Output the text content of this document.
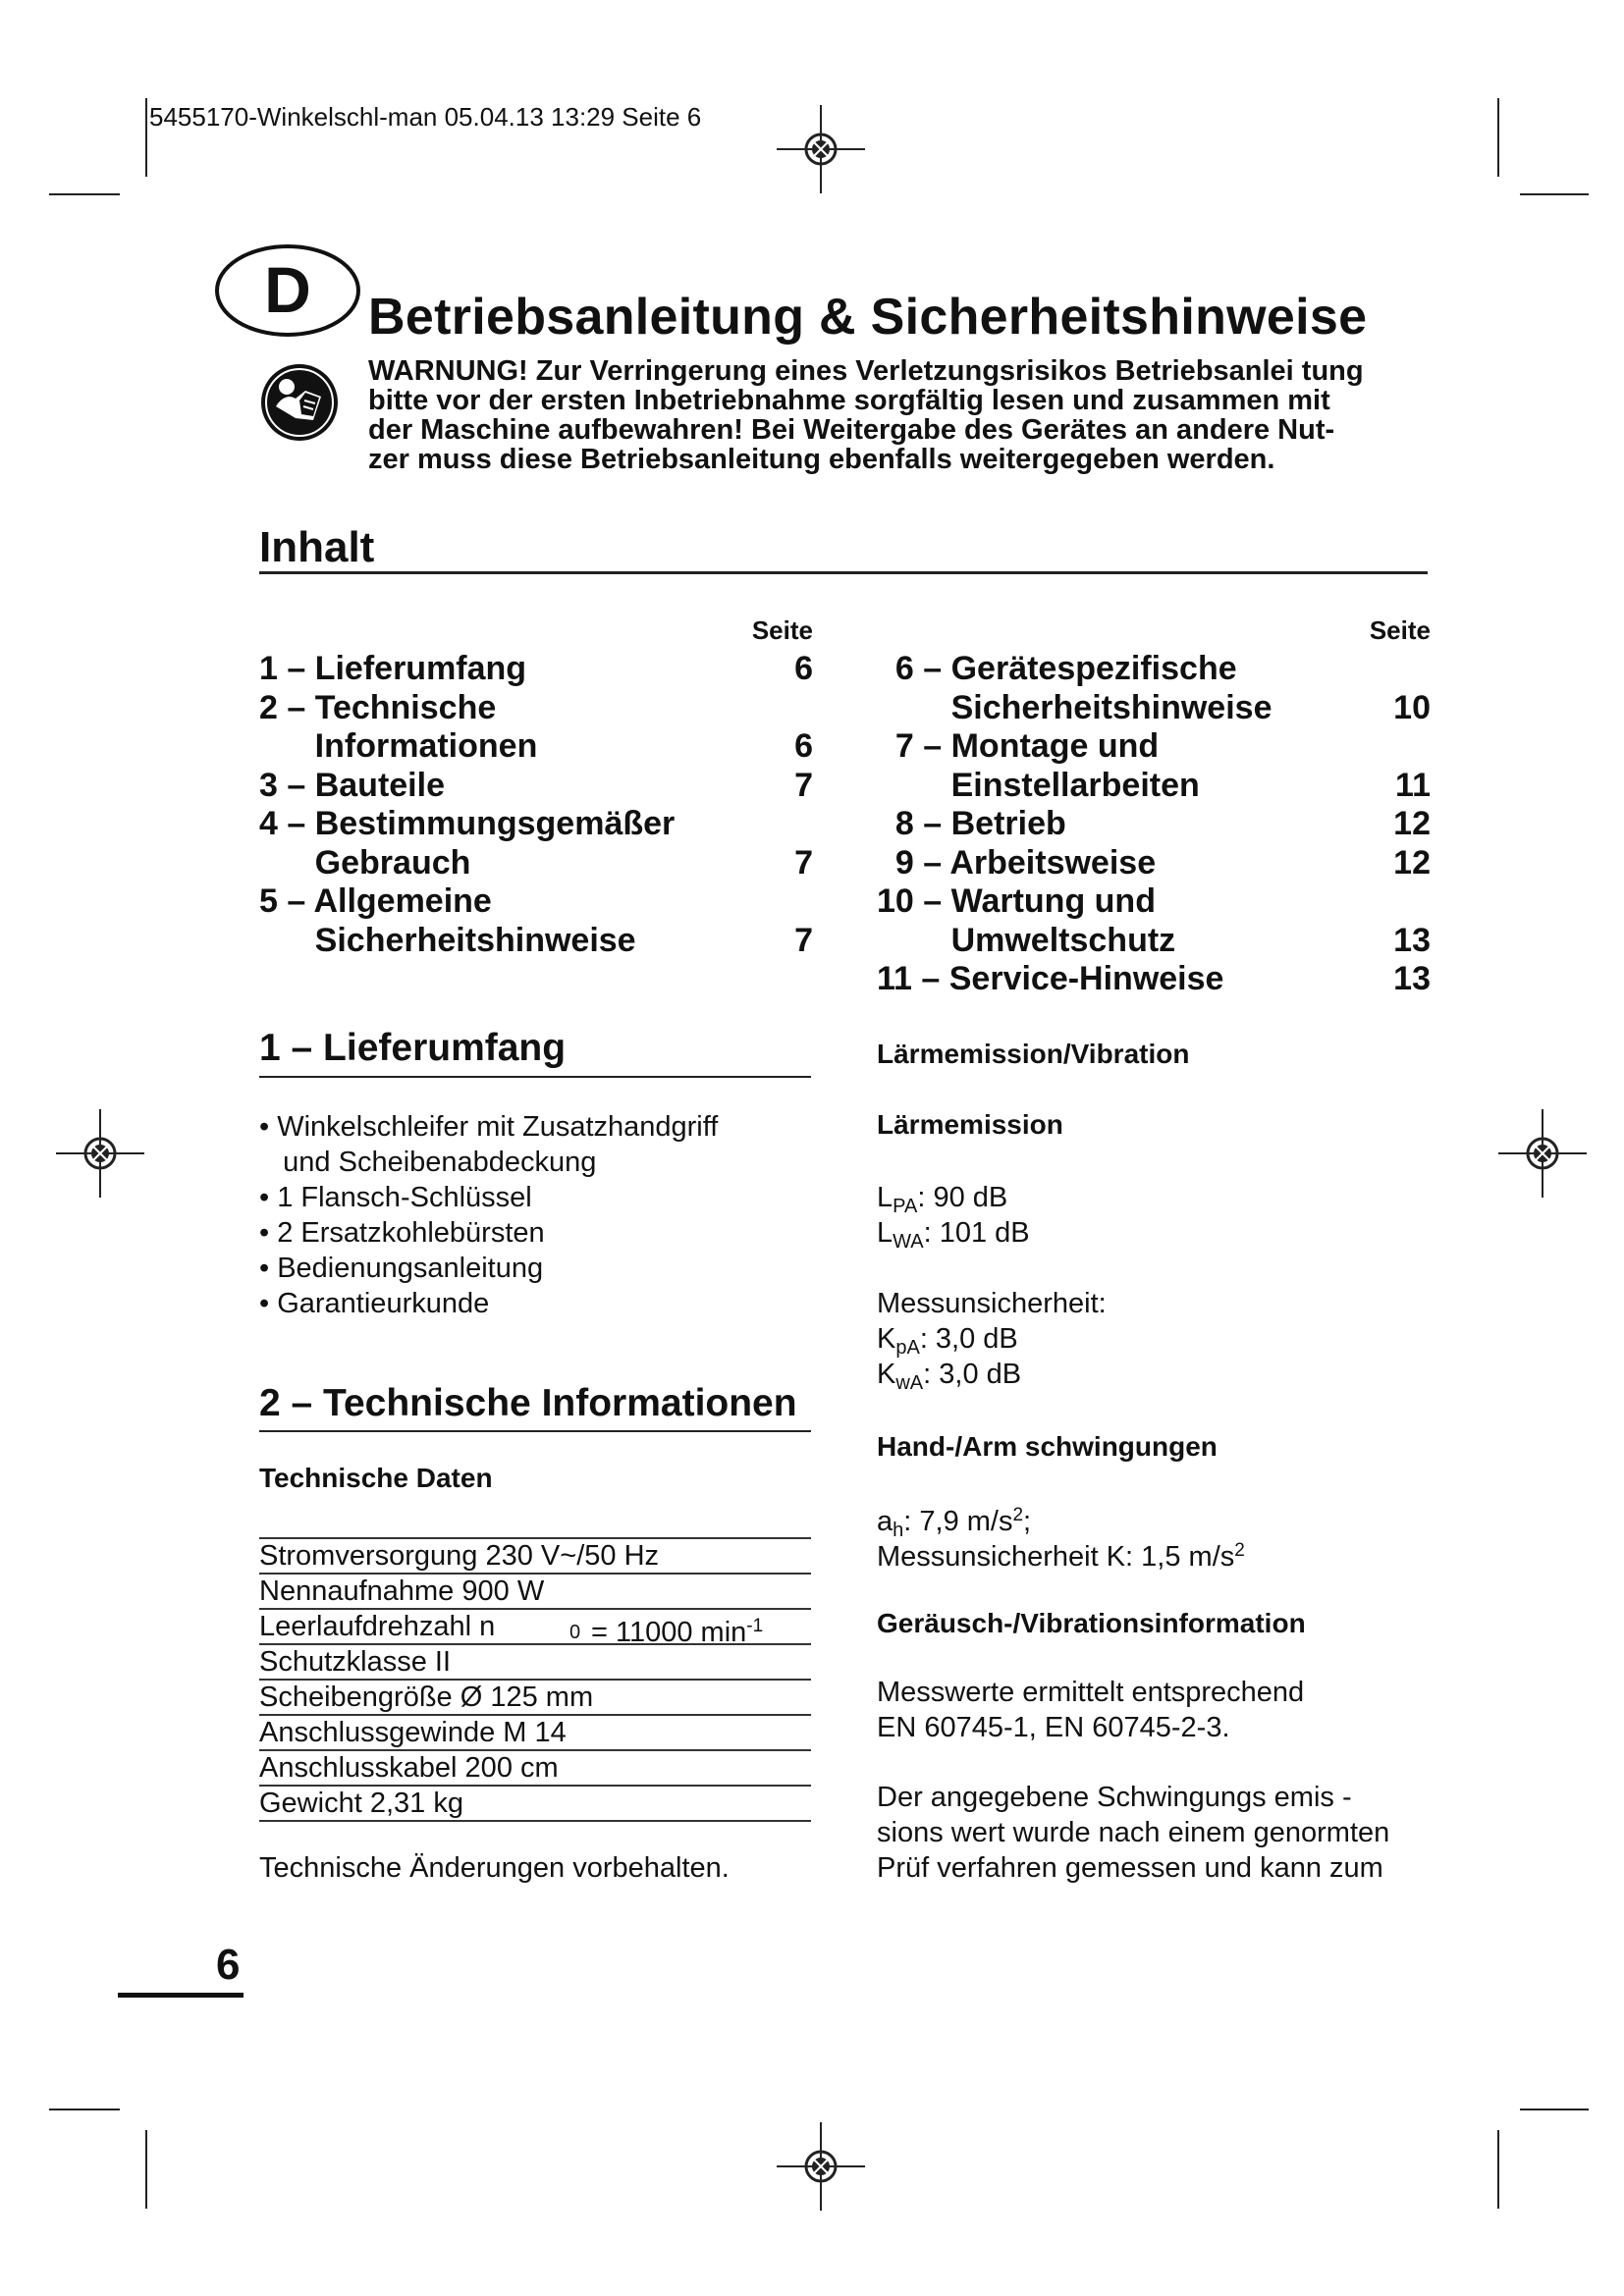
5455170-Winkelschl-man 05.04.13 13:29 Seite 6
D Betriebsanleitung & Sicherheitshinweise
WARNUNG! Zur Verringerung eines Verletzungsrisikos Betriebsanlei tung
bitte vor der ersten Inbetriebnahme sorgfältig lesen und zusammen mit
der Maschine aufbewahren! Bei Weitergabe des Gerätes an andere Nut-
zer muss diese Betriebsanleitung ebenfalls weitergegeben werden.
Inhalt
Seite
1 – Lieferumfang	6
2 – Technische
Informationen	6
3 – Bauteile	7
4 – Bestimmungsgemäßer
Gebrauch	7
5 – Allgemeine
Sicherheitshinweise	7
Seite
6 – Gerätespezifische
Sicherheitshinweise	10
7 – Montage und
Einstellarbeiten	11
8 – Betrieb	12
9 – Arbeitsweise	12
10 – Wartung und
Umweltschutz	13
11 – Service-Hinweise	13
1 – Lieferumfang
• Winkelschleifer mit Zusatzhandgriff
und Scheibenabdeckung
• 1 Flansch-Schlüssel
• 2 Ersatzkohlebürsten
• Bedienungsanleitung
• Garantieurkunde
2 – Technische Informationen
Technische Daten
Stromversorgung 230 V~/50 Hz
Nennaufnahme 900 W
Leerlaufdrehzahl n	0 = 11000 $\min^{-1}$
Schutzklasse II
Scheibengröße Ø 125 mm
Anschlussgewinde M 14
Anschlusskabel 200 cm
Gewicht 2,31 kg
Technische Änderungen vorbehalten.
Lärmemission/Vibration
Lärmemission
$L_{PA}$: 90 dB
$L_{WA}$: 101 dB
Messunsicherheit:
$K_{pA}$: 3,0 dB
$K_{wA}$: 3,0 dB
Hand-/Arm schwingungen
$a_h$: 7,9 $m/s^2$;
Messunsicherheit K: 1,5 $m/s^2$
Geräusch-/Vibrationsinformation
Messwerte ermittelt entsprechend
EN 60745-1, EN 60745-2-3.
Der angegebene Schwingungs emis -
sions wert wurde nach einem genormten
Prüf verfahren gemessen und kann zum
6
